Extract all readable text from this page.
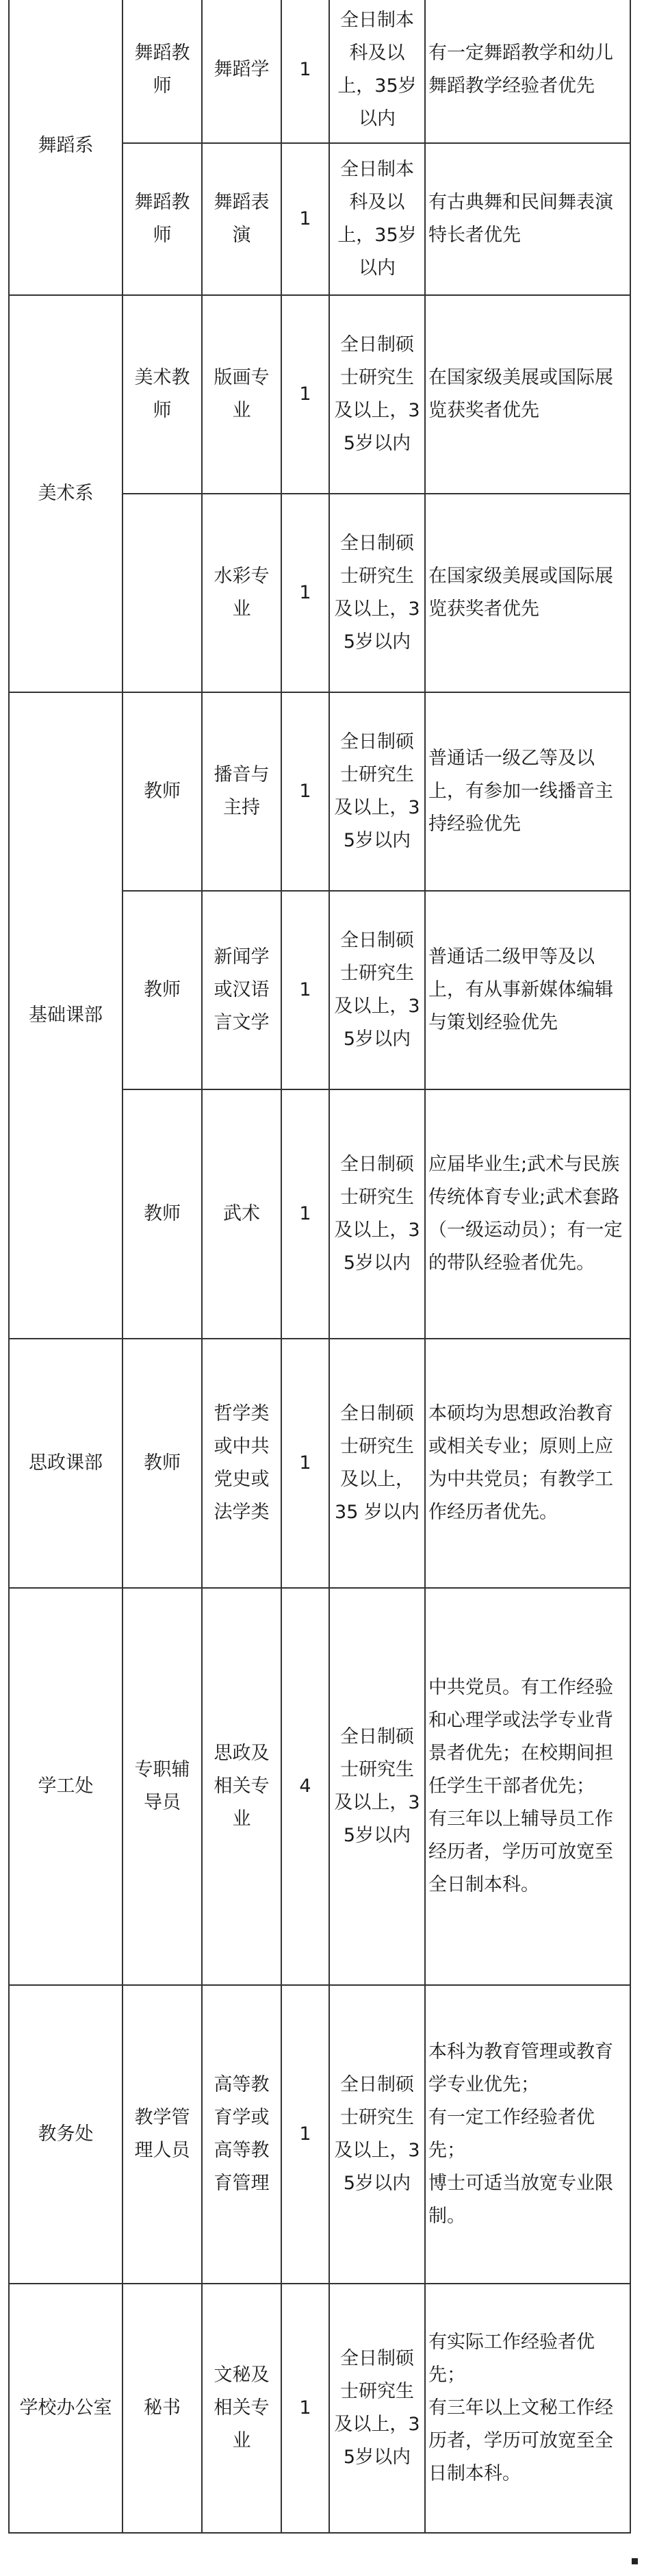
舞蹈系	舞蹈教师	舞蹈学	1	全日制本科及以上，35岁以内	有一定舞蹈教学和幼儿舞蹈教学经验者优先
	舞蹈教师	舞蹈表演	1	全日制本科及以上，35岁以内	有古典舞和民间舞表演特长者优先
美术系	美术教师	版画专业	1	全日制硕士研究生及以上，35岁以内	在国家级美展或国际展览获奖者优先
		水彩专业	1	全日制硕士研究生及以上，35岁以内	在国家级美展或国际展览获奖者优先
基础课部	教师	播音与主持	1	全日制硕士研究生及以上，35岁以内	普通话一级乙等及以上，有参加一线播音主持经验优先
	教师	新闻学或汉语言文学	1	全日制硕士研究生及以上，35岁以内	普通话二级甲等及以上，有从事新媒体编辑与策划经验优先
	教师	武术	1	全日制硕士研究生及以上，35岁以内	应届毕业生;武术与民族传统体育专业;武术套路（一级运动员）；有一定的带队经验者优先。
思政课部	教师	哲学类或中共党史或法学类	1	全日制硕士研究生及以上， 35 岁以内	本硕均为思想政治教育或相关专业；原则上应为中共党员；有教学工作经历者优先。
学工处	专职辅导员	思政及相关专业	4	全日制硕士研究生及以上，35岁以内	中共党员。有工作经验和心理学或法学专业背景者优先；在校期间担任学生干部者优先；
有三年以上辅导员工作经历者，学历可放宽至全日制本科。
教务处	教学管理人员	高等教育学或高等教育管理	1	全日制硕士研究生及以上，35岁以内	本科为教育管理或教育学专业优先；
有一定工作经验者优先；
博士可适当放宽专业限制。
学校办公室	秘书	文秘及相关专业	1	全日制硕士研究生及以上，35岁以内	有实际工作经验者优先；
有三年以上文秘工作经历者，学历可放宽至全日制本科。
